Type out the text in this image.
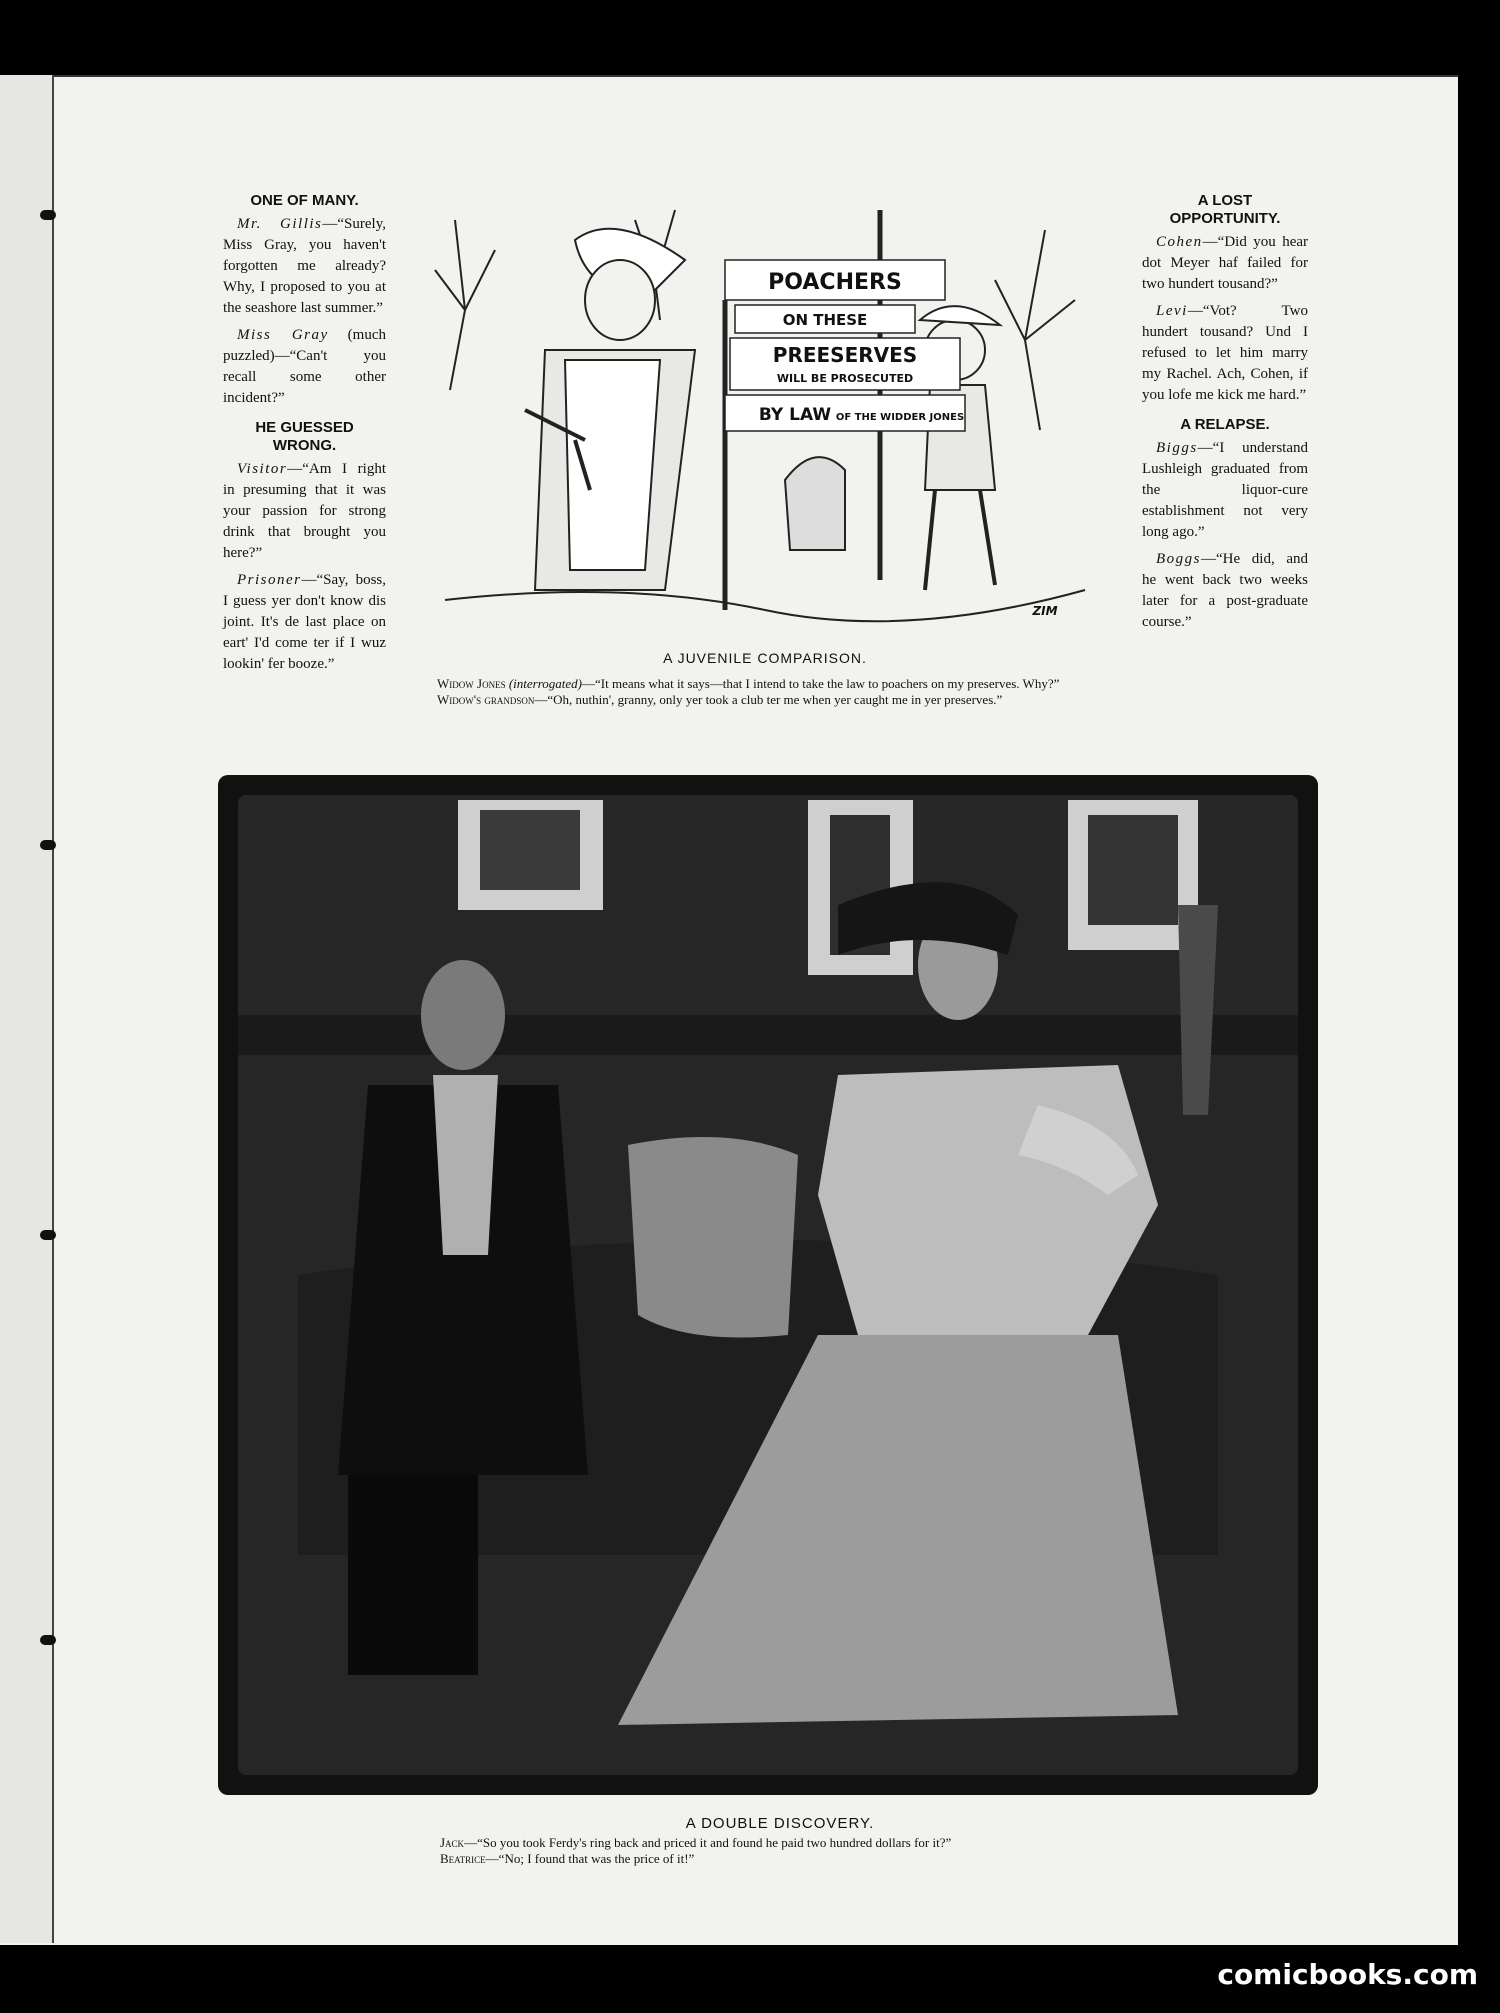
ONE OF MANY.

Mr. Gillis—“Surely, Miss Gray, you haven't forgotten me already? Why, I proposed to you at the seashore last summer.”

Miss Gray (much puzzled)—“Can't you recall some other incident?”

HE GUESSED WRONG.

Visitor—“Am I right in presuming that it was your passion for strong drink that brought you here?”

Prisoner—“Say, boss, I guess yer don't know dis joint. It's de last place on eart' I'd come ter if I wuz lookin' fer booze.”

A LOST OPPORTUNITY.

Cohen—“Did you hear dot Meyer haf failed for two hundert tousand?”

Levi—“Vot? Two hundert tousand? Und I refused to let him marry my Rachel. Ach, Cohen, if you lofe me kick me hard.”

A RELAPSE.

Biggs—“I understand Lushleigh graduated from the liquor-cure establishment not very long ago.”

Boggs—“He did, and he went back two weeks later for a post-graduate course.”

POACHERS
ON THESE
PREESERVES
WILL BE PROSECUTED
BY LAW OF THE WIDDER JONES
ZIM
A JUVENILE COMPARISON.

Widow Jones (interrogated)—“It means what it says—that I intend to take the law to poachers on my preserves. Why?”

Widow's grandson—“Oh, nuthin', granny, only yer took a club ter me when yer caught me in yer preserves.”

A DOUBLE DISCOVERY.

Jack—“So you took Ferdy's ring back and priced it and found he paid two hundred dollars for it?”

Beatrice—“No; I found that was the price of it!”

comicbooks.com
